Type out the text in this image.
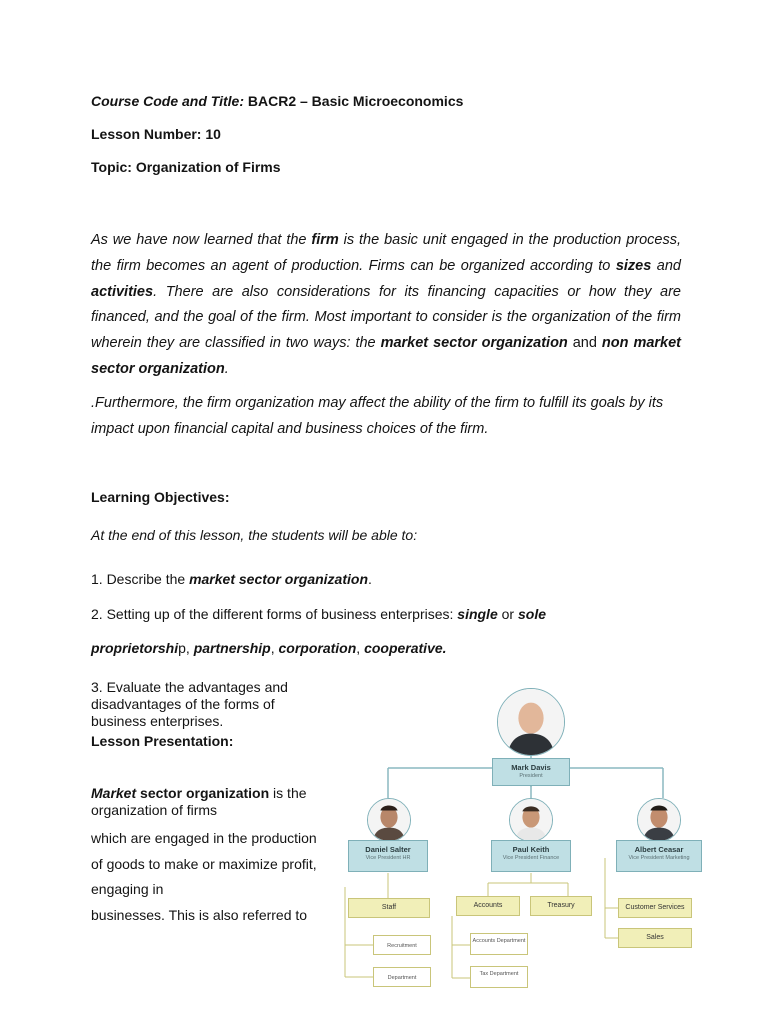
Course Code and Title: BACR2 – Basic Microeconomics
Lesson Number: 10
Topic: Organization of Firms
As we have now learned that the firm is the basic unit engaged in the production process, the firm becomes an agent of production. Firms can be organized according to sizes and activities. There are also considerations for its financing capacities or how they are financed, and the goal of the firm. Most important to consider is the organization of the firm wherein they are classified in two ways: the market sector organization and non market sector organization.
.Furthermore, the firm organization may affect the ability of the firm to fulfill its goals by its impact upon financial capital and business choices of the firm.
Learning Objectives:
At the end of this lesson, the students will be able to:
1. Describe the market sector organization.
2. Setting up of the different forms of business enterprises: single or sole
proprietorship, partnership, corporation, cooperative.
3. Evaluate the advantages and disadvantages of the forms of business enterprises.
Lesson Presentation:
Market sector organization is the organization of firms
which are engaged in the production
of goods to make or maximize profit,
engaging in
businesses. This is also referred to
Mark Davis
President
Daniel Salter
Vice President HR
Paul Keith
Vice President Finance
Albert Ceasar
Vice President Marketing
Staff
Recruitment
Department
Accounts	Treasury
Accounts Department
Tax Department
Customer Services
Sales
